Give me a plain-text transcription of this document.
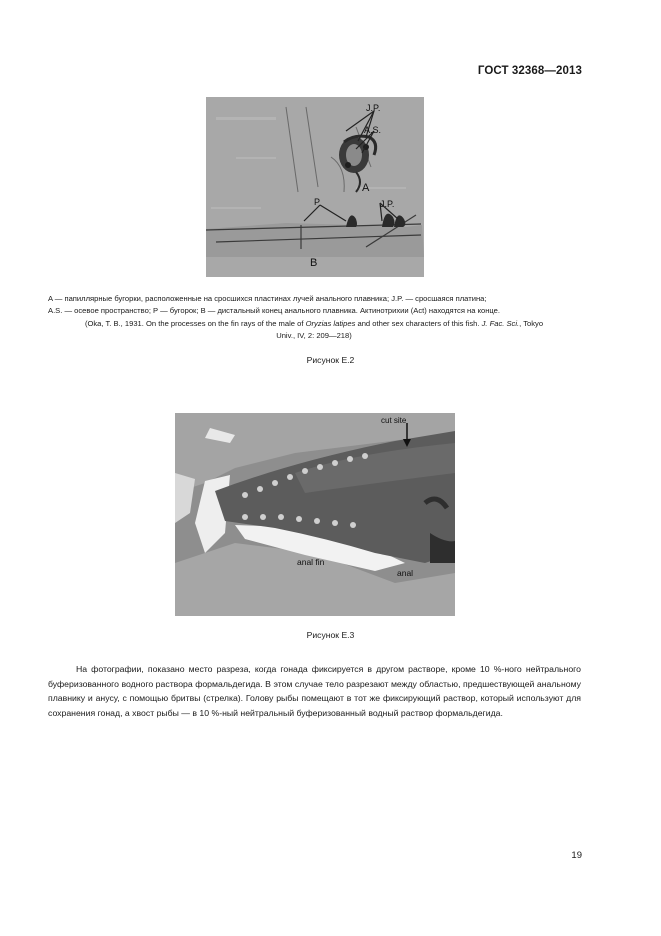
ГОСТ 32368—2013
J.P.
A.S.
A
P	J.P.
B
A — папиллярные бугорки, расположенные на сросшихся пластинах лучей анального плавника; J.P. — сросшаяся платина;
A.S. — осевое пространство; P — бугорок; B — дистальный конец анального плавника. Актинотрихии (Act) находятся на конце.

(Oka, T. B., 1931. On the processes on the fin rays of the male of Oryzias latipes and other sex characters of this fish. J. Fac. Sci., Tokyo
Univ., IV, 2: 209—218)
Рисунок Е.2
cut site
anal fin
anal
Рисунок Е.3
На фотографии, показано место разреза, когда гонада фиксируется в другом растворе, кроме 10 %-ного нейтрального буферизованного водного раствора формальдегида. В этом случае тело разрезают между областью, предшествующей анальному плавнику и анусу, с помощью бритвы (стрелка). Голову рыбы помещают в тот же фиксирующий раствор, который используют для сохранения гонад, а хвост рыбы — в 10 %-ный нейтральный буферизованный водный раствор формальдегида.
19
